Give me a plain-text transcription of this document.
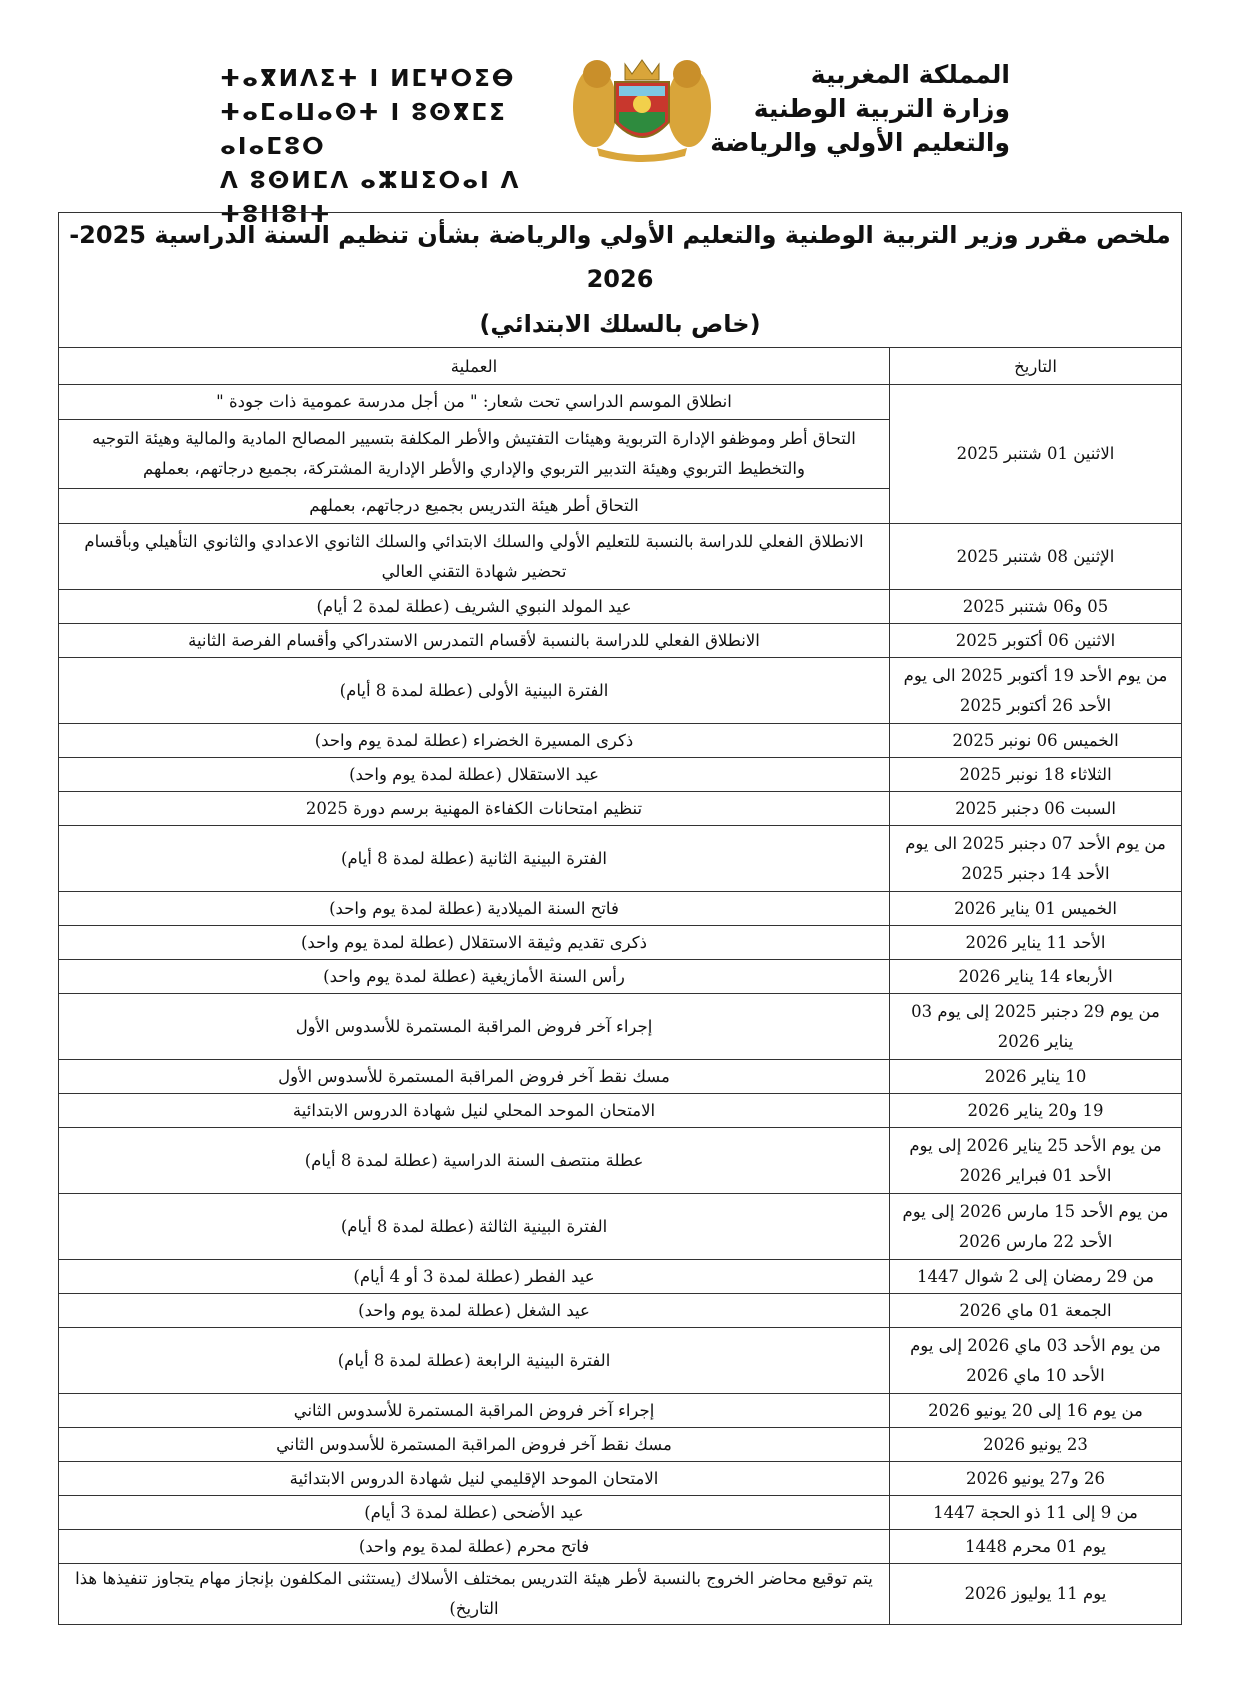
المملكة المغربية
وزارة التربية الوطنية
والتعليم الأولي والرياضة
ⵜⴰⴳⵍⴷⵉⵜ ⵏ ⵍⵎⵖⵔⵉⴱ
ⵜⴰⵎⴰⵡⴰⵙⵜ ⵏ ⵓⵙⴳⵎⵉ ⴰⵏⴰⵎⵓⵔ
ⴷ ⵓⵙⵍⵎⴷ ⴰⵣⵡⵉⵔⴰⵏ ⴷ ⵜⵓⵏⵏⵓⵏⵜ
ملخص مقرر وزير التربية الوطنية والتعليم الأولي والرياضة بشأن تنظيم السنة الدراسية 2025-2026
(خاص بالسلك الابتدائي)	

التاريخ	العملية
الاثنين 01 شتنبر 2025	انطلاق الموسم الدراسي تحت شعار: " من أجل مدرسة عمومية ذات جودة "
التحاق أطر وموظفو الإدارة التربوية وهيئات التفتيش والأطر المكلفة بتسيير المصالح المادية والمالية وهيئة التوجيه والتخطيط التربوي وهيئة التدبير التربوي والإداري والأطر الإدارية المشتركة، بجميع درجاتهم، بعملهم
التحاق أطر هيئة التدريس بجميع درجاتهم، بعملهم

الإثنين 08 شتنبر 2025	الانطلاق الفعلي للدراسة بالنسبة للتعليم الأولي والسلك الابتدائي والسلك الثانوي الاعدادي والثانوي التأهيلي وبأقسام تحضير شهادة التقني العالي
05 و06 شتنبر 2025	عيد المولد النبوي الشريف (عطلة لمدة 2 أيام)
الاثنين 06 أكتوبر 2025	الانطلاق الفعلي للدراسة بالنسبة لأقسام التمدرس الاستدراكي وأقسام الفرصة الثانية
من يوم الأحد 19 أكتوبر 2025 الى يوم الأحد 26 أكتوبر 2025	الفترة البينية الأولى (عطلة لمدة 8 أيام)
الخميس 06 نونبر 2025	ذكرى المسيرة الخضراء (عطلة لمدة يوم واحد)
الثلاثاء 18 نونبر 2025	عيد الاستقلال (عطلة لمدة يوم واحد)
السبت 06 دجنبر 2025	تنظيم امتحانات الكفاءة المهنية برسم دورة 2025
من يوم الأحد 07 دجنبر 2025 الى يوم الأحد 14 دجنبر 2025	الفترة البينية الثانية (عطلة لمدة 8 أيام)
الخميس 01 يناير 2026	فاتح السنة الميلادية (عطلة لمدة يوم واحد)
الأحد 11 يناير 2026	ذكرى تقديم وثيقة الاستقلال (عطلة لمدة يوم واحد)
الأربعاء 14 يناير 2026	رأس السنة الأمازيغية (عطلة لمدة يوم واحد)
من يوم 29 دجنبر 2025 إلى يوم 03 يناير 2026	إجراء آخر فروض المراقبة المستمرة للأسدوس الأول
10 يناير 2026	مسك نقط آخر فروض المراقبة المستمرة للأسدوس الأول
19 و20 يناير 2026	الامتحان الموحد المحلي لنيل شهادة الدروس الابتدائية
من يوم الأحد 25 يناير 2026 إلى يوم الأحد 01 فبراير 2026	عطلة منتصف السنة الدراسية (عطلة لمدة 8 أيام)
من يوم الأحد 15 مارس 2026 إلى يوم الأحد 22 مارس 2026	الفترة البينية الثالثة (عطلة لمدة 8 أيام)
من 29 رمضان إلى 2 شوال 1447	عيد الفطر (عطلة لمدة 3 أو 4 أيام)
الجمعة 01 ماي 2026	عيد الشغل (عطلة لمدة يوم واحد)
من يوم الأحد 03 ماي 2026 إلى يوم الأحد 10 ماي 2026	الفترة البينية الرابعة (عطلة لمدة 8 أيام)
من يوم 16 إلى 20 يونيو 2026	إجراء آخر فروض المراقبة المستمرة للأسدوس الثاني
23 يونيو 2026	مسك نقط آخر فروض المراقبة المستمرة للأسدوس الثاني
26 و27 يونيو 2026	الامتحان الموحد الإقليمي لنيل شهادة الدروس الابتدائية
من 9 إلى 11 ذو الحجة 1447	عيد الأضحى (عطلة لمدة 3 أيام)
يوم 01 محرم 1448	فاتح محرم (عطلة لمدة يوم واحد)
يوم 11 يوليوز 2026	يتم توقيع محاضر الخروج بالنسبة لأطر هيئة التدريس بمختلف الأسلاك (يستثنى المكلفون بإنجاز مهام يتجاوز تنفيذها هذا التاريخ)
